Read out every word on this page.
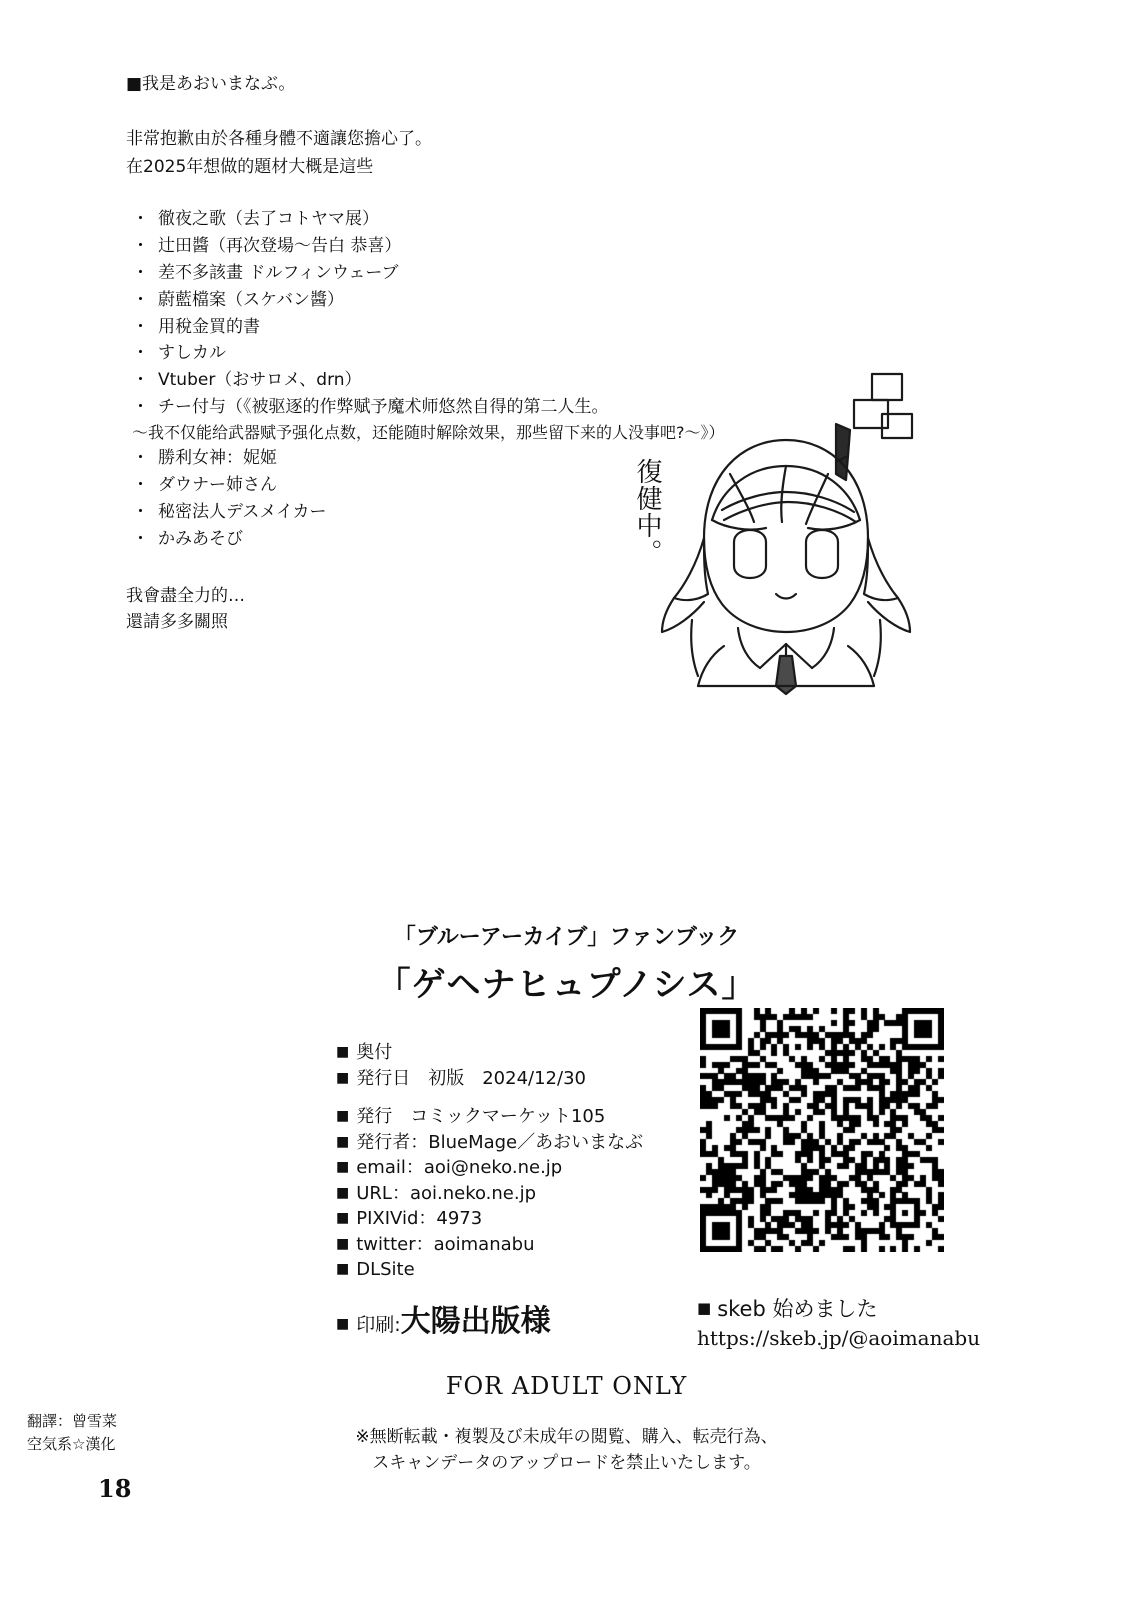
■我是あおいまなぶ。

非常抱歉由於各種身體不適讓您擔心了。

在2025年想做的題材大概是這些

・ 徹夜之歌（去了コトヤマ展）
・ 辻田醬（再次登場〜告白 恭喜）
・ 差不多該畫 ドルフィンウェーブ
・ 蔚藍檔案（スケバン醬）
・ 用稅金買的書
・ すしカル
・ Vtuber（おサロメ、drn）
・ チー付与（《被驱逐的作弊赋予魔术师悠然自得的第二人生。

〜我不仅能给武器赋予强化点数，还能随时解除效果，那些留下来的人没事吧?〜》）

・ 勝利女神：妮姬
・ ダウナー姉さん
・ 秘密法人デスメイカー
・ かみあそび
我會盡全力的…
還請多多關照
復健中。

「ブルーアーカイブ」ファンブック

「ゲヘナヒュプノシス」

■ 奥付
■ 発行日　初版　2024/12/30
■ 発行　コミックマーケット105
■ 発行者：BlueMage／あおいまなぶ
■ email：aoi@neko.ne.jp
■ URL：aoi.neko.ne.jp
■ PIXIVid：4973
■ twitter：aoimanabu
■ DLSite
■ 印刷:大陽出版様	■ skeb 始めました
https://skeb.jp/@aoimanabu
FOR ADULT ONLY
※無断転載・複製及び未成年の閲覧、購入、転売行為、
スキャンデータのアップロードを禁止いたします。
翻譯：曾雪菜
空気系☆漢化
18
